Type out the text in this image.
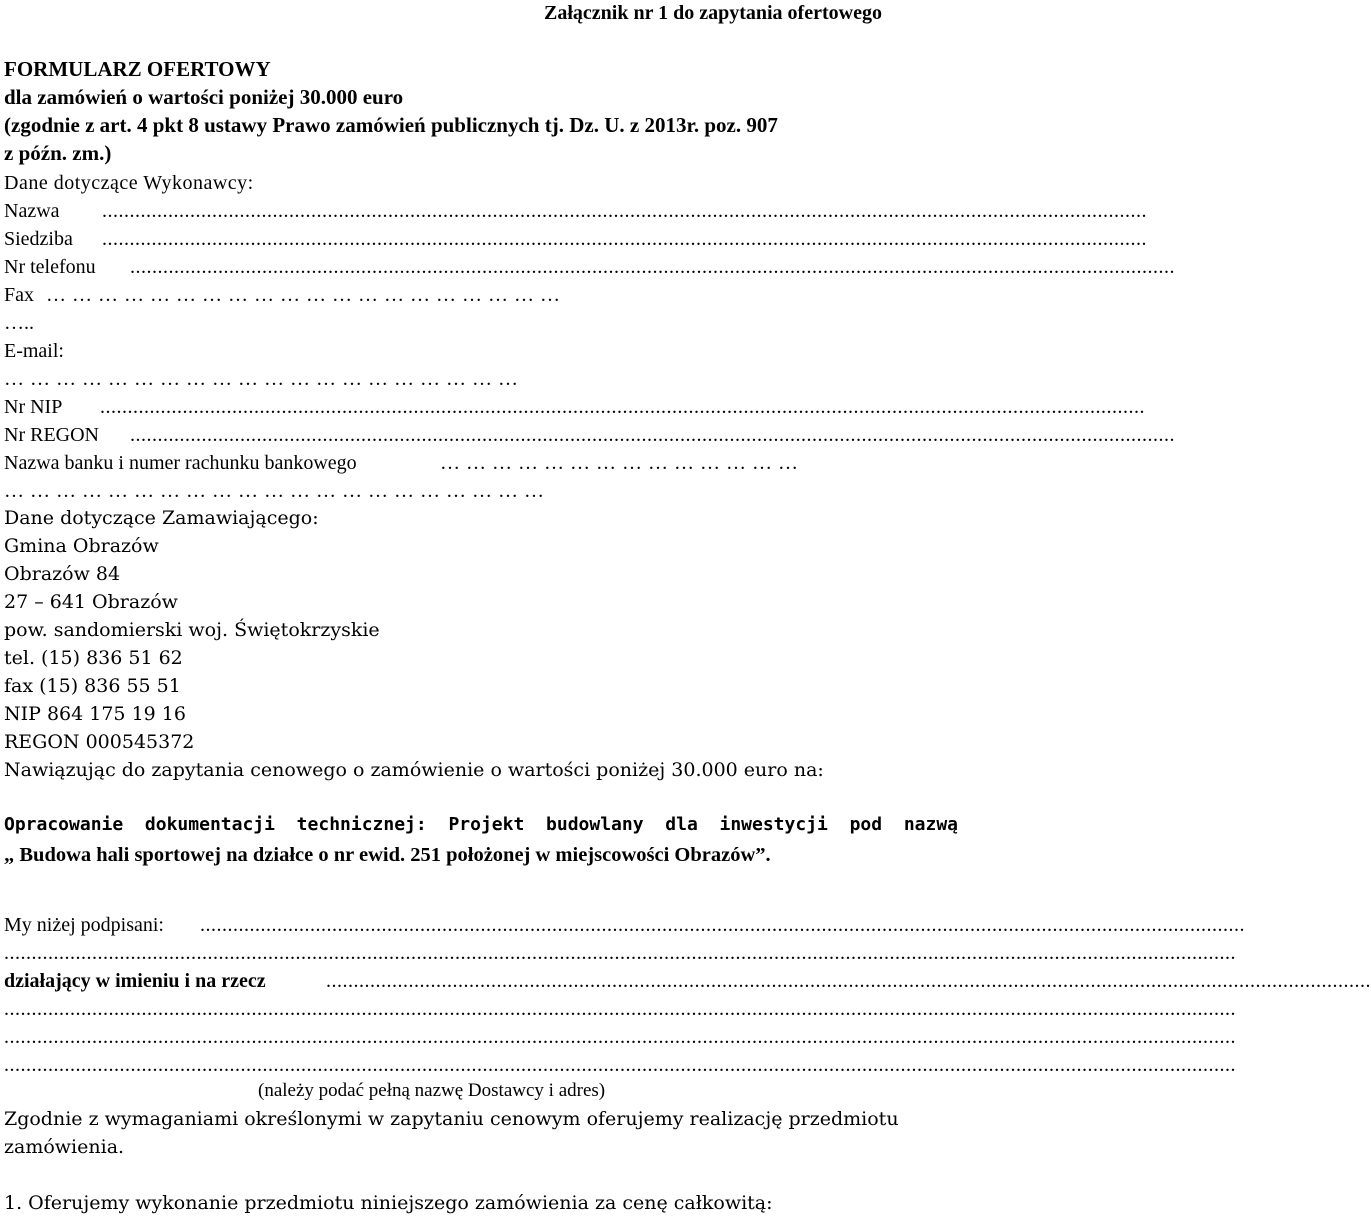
Załącznik nr 1 do zapytania ofertowego
FORMULARZ OFERTOWY
dla zamówień o wartości poniżej 30.000 euro
(zgodnie z art. 4 pkt 8 ustawy Prawo zamówień publicznych tj. Dz. U. z 2013r. poz. 907
z późn. zm.)
Dane dotyczące Wykonawcy:
Nazwa ..............................................................................................................................................................................................
Siedziba ..............................................................................................................................................................................................
Nr telefonu ..............................................................................................................................................................................................
Fax … … … … … … … … … … … … … … … … … … … …
…..
E-mail:
… … … … … … … … … … … … … … … … … … … …
Nr NIP ..............................................................................................................................................................................................
Nr REGON ..............................................................................................................................................................................................
Nazwa banku i numer rachunku bankowego	… … … … … … … … … … … … … …
… … … … … … … … … … … … … … … … … … … … …
Dane dotyczące Zamawiającego:
Gmina Obrazów
Obrazów 84
27 – 641 Obrazów
pow. sandomierski woj. Świętokrzyskie
tel. (15) 836 51 62
fax (15) 836 55 51
NIP 864 175 19 16
REGON 000545372
Nawiązując do zapytania cenowego o zamówienie o wartości poniżej 30.000 euro na:
Opracowanie dokumentacji technicznej: Projekt budowlany dla inwestycji pod nazwą
„ Budowa hali sportowej na działce o nr ewid. 251 położonej w miejscowości Obrazów”.
My niżej podpisani: ..............................................................................................................................................................................................
................................................................................................................................................................................................................................
działający w imieniu i na rzecz	..............................................................................................................................................................................................
................................................................................................................................................................................................................................
................................................................................................................................................................................................................................
................................................................................................................................................................................................................................
(należy podać pełną nazwę Dostawcy i adres)
Zgodnie z wymaganiami określonymi w zapytaniu cenowym oferujemy realizację przedmiotu
zamówienia.
1. Oferujemy wykonanie przedmiotu niniejszego zamówienia za cenę całkowitą:
